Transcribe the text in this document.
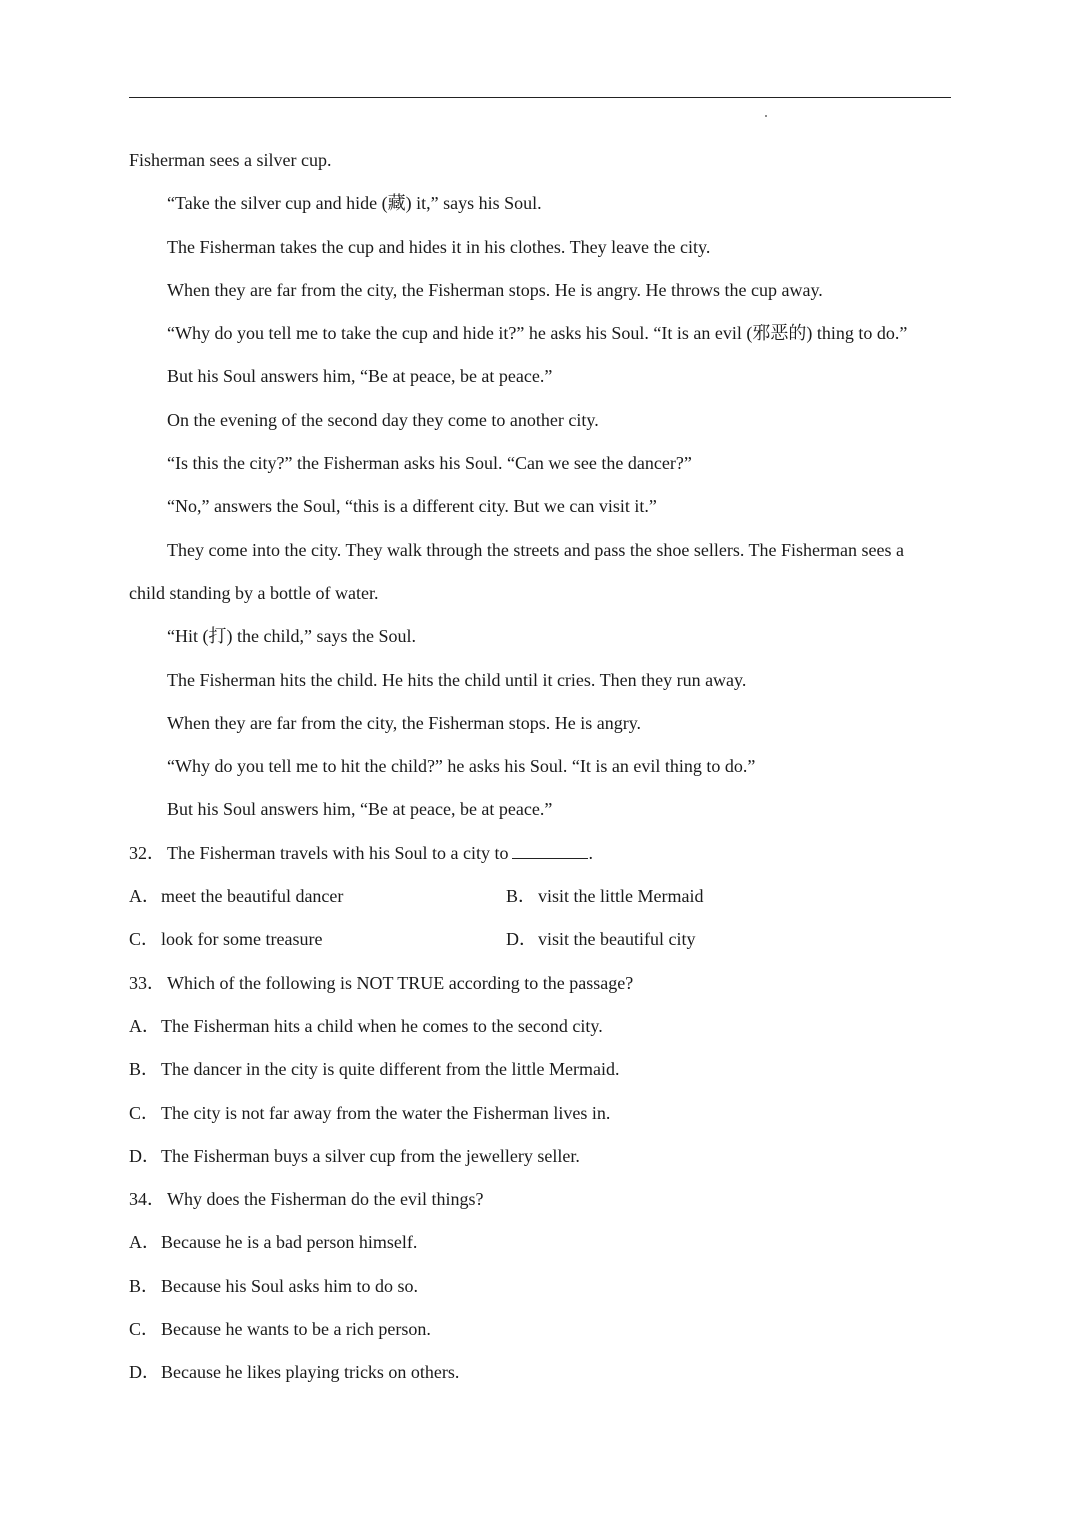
Fisherman sees a silver cup.
“Take the silver cup and hide (藏) it,” says his Soul.
The Fisherman takes the cup and hides it in his clothes. They leave the city.
When they are far from the city, the Fisherman stops. He is angry. He throws the cup away.
“Why do you tell me to take the cup and hide it?” he asks his Soul. “It is an evil (邪恶的) thing to do.”
But his Soul answers him, “Be at peace, be at peace.”
On the evening of the second day they come to another city.
“Is this the city?” the Fisherman asks his Soul. “Can we see the dancer?”
“No,” answers the Soul, “this is a different city. But we can visit it.”
They come into the city. They walk through the streets and pass the shoe sellers. The Fisherman sees a
child standing by a bottle of water.
“Hit (打) the child,” says the Soul.
The Fisherman hits the child. He hits the child until it cries. Then they run away.
When they are far from the city, the Fisherman stops. He is angry.
“Why do you tell me to hit the child?” he asks his Soul. “It is an evil thing to do.”
But his Soul answers him, “Be at peace, be at peace.”
32． The Fisherman travels with his Soul to a city to	.
A．meet the beautiful dancer	B． visit the little Mermaid
C． look for some treasure	D．visit the beautiful city
33． Which of the following is NOT TRUE according to the passage?
A．The Fisherman hits a child when he comes to the second city.
B． The dancer in the city is quite different from the little Mermaid.
C． The city is not far away from the water the Fisherman lives in.
D．The Fisherman buys a silver cup from the jewellery seller.
34． Why does the Fisherman do the evil things?
A．Because he is a bad person himself.
B． Because his Soul asks him to do so.
C． Because he wants to be a rich person.
D．Because he likes playing tricks on others.
